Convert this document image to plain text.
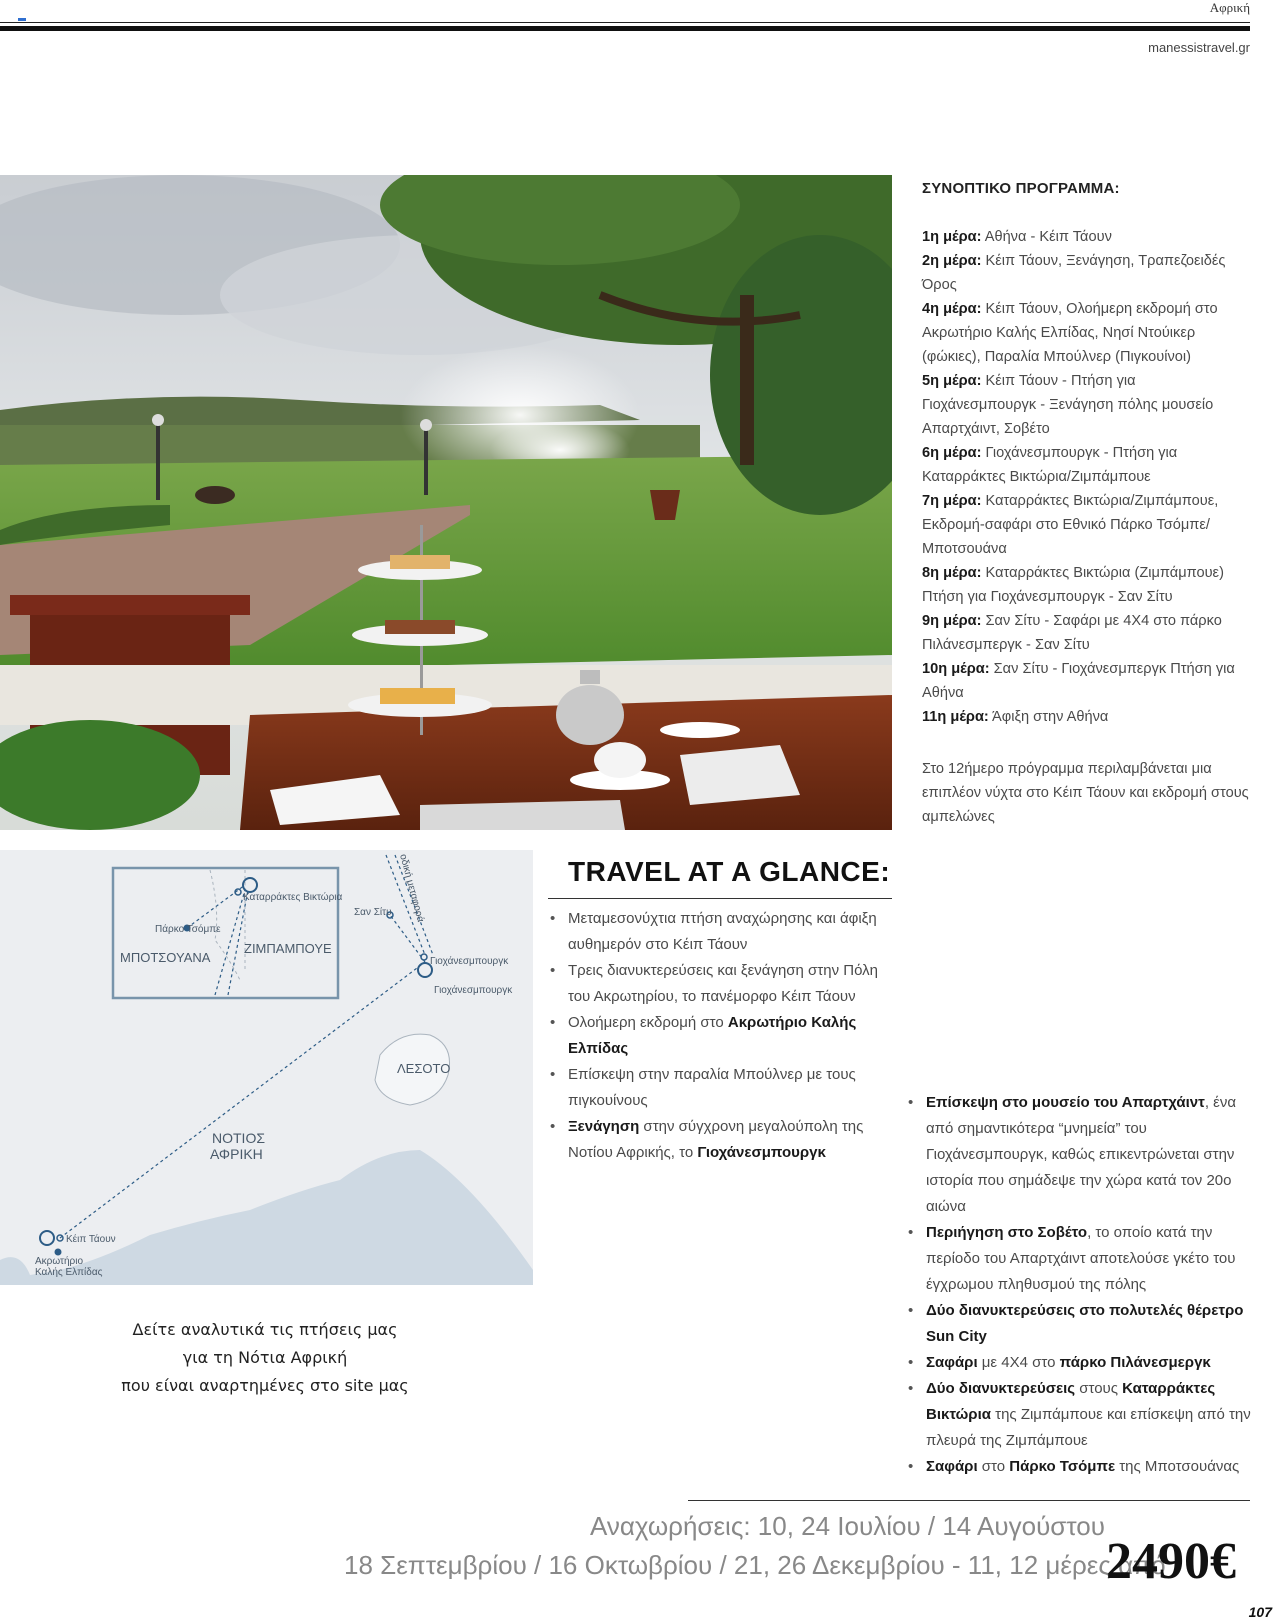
Αφρική
manessistravel.gr
ΣΥΝΟΠΤΙΚΟ ΠΡΟΓΡΑΜΜΑ:
1η μέρα: Αθήνα - Κέιπ Τάουν
2η μέρα: Κέιπ Τάουν, Ξενάγηση, Τραπεζοειδές Όρος
4η μέρα: Κέιπ Τάουν, Ολοήμερη εκδρομή στο Ακρωτήριο Καλής Ελπίδας, Νησί Ντούικερ (φώκιες), Παραλία Μπούλνερ (Πιγκουίνοι)
5η μέρα: Κέιπ Τάουν - Πτήση για Γιοχάνεσμπουργκ - Ξενάγηση πόλης μουσείο Απαρτχάιντ, Σοβέτο
6η μέρα: Γιοχάνεσμπουργκ - Πτήση για Καταρράκτες Βικτώρια/Ζιμπάμπουε
7η μέρα: Καταρράκτες Βικτώρια/Ζιμπάμπουε, Εκδρομή-σαφάρι στο Εθνικό Πάρκο Τσόμπε/ Μποτσουάνα
8η μέρα: Καταρράκτες Βικτώρια (Ζιμπάμπουε) Πτήση για Γιοχάνεσμπουργκ - Σαν Σίτυ
9η μέρα: Σαν Σίτυ - Σαφάρι με 4Χ4 στο πάρκο Πιλάνεσμπεργκ - Σαν Σίτυ
10η μέρα: Σαν Σίτυ - Γιοχάνεσμπεργκ Πτήση για Αθήνα
11η μέρα: Άφιξη στην Αθήνα
Στο 12ήμερο πρόγραμμα περιλαμβάνεται μια επιπλέον νύχτα στο Κέιπ Τάουν και εκδρομή στους αμπελώνες
Καταρράκτες Βικτώρια
Πάρκο Τσόμπε
ΜΠΟΤΣΟΥΑΝΑ
ΖΙΜΠΑΜΠΟΥΕ
Σαν Σίτυ οδική μεταφορά
Γιοχάνεσμπουργκ
Γιοχάνεσμπουργκ
ΛΕΣΟΤΟ
ΝΟΤΙΟΣ
ΑΦΡΙΚΗ
Κέιπ Τάουν
Ακρωτήριο
Καλής Ελπίδας
TRAVEL AT A GLANCE:
• Μεταμεσονύχτια πτήση αναχώρησης και άφιξη αυθημερόν στο Κέιπ Τάουν
• Τρεις διανυκτερεύσεις και ξενάγηση στην Πόλη του Ακρωτηρίου, το πανέμορφο Κέιπ Τάουν
• Ολοήμερη εκδρομή στο Ακρωτήριο Καλής Ελπίδας
• Επίσκεψη στην παραλία Μπούλνερ με τους πιγκουίνους
• Ξενάγηση στην σύγχρονη μεγαλούπολη της Νοτίου Αφρικής, το Γιοχάνεσμπουργκ
• Επίσκεψη στο μουσείο του Απαρτχάιντ, ένα από σημαντικότερα “μνημεία” του Γιοχάνεσμπουργκ, καθώς επικεντρώνεται στην ιστορία που σημάδεψε την χώρα κατά τον 20ο αιώνα
• Περιήγηση στο Σοβέτο, το οποίο κατά την περίοδο του Απαρτχάιντ αποτελούσε γκέτο του έγχρωμου πληθυσμού της πόλης
• Δύο διανυκτερεύσεις στο πολυτελές θέρετρο Sun City
• Σαφάρι με 4Χ4 στο πάρκο Πιλάνεσμεργκ
• Δύο διανυκτερεύσεις στους Καταρράκτες Βικτώρια της Ζιμπάμπουε και επίσκεψη από την πλευρά της Ζιμπάμπουε
• Σαφάρι στο Πάρκο Τσόμπε της Μποτσουάνας
Δείτε αναλυτικά τις πτήσεις μας
για τη Νότια Αφρική
που είναι αναρτημένες στο site μας
Αναχωρήσεις: 10, 24 Ιουλίου / 14 Αυγούστου
18 Σεπτεμβρίου / 16 Οκτωβρίου / 21, 26 Δεκεμβρίου - 11, 12 μέρες από
2490€
107
